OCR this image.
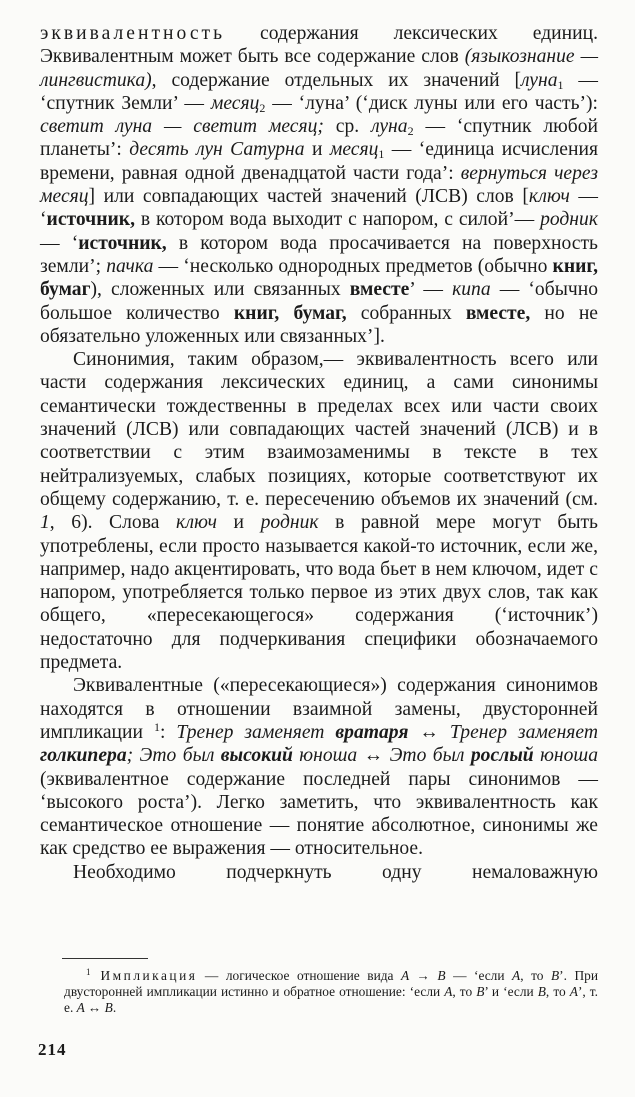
эквивалентность содержания лексических единиц. Эквивалентным может быть все содержание слов (языкознание — лингвистика), содержание отдельных их значений [луна$_1$ — ‘спутник Земли’ — месяц$_2$ — ‘луна’ (‘диск луны или его часть’): светит луна — светит месяц; ср. луна$_2$ — ‘спутник любой планеты’: десять лун Сатурна и месяц$_1$ — ‘единица исчисления времени, равная одной двенадцатой части года’: вернуться через месяц] или совпадающих частей значений (ЛСВ) слов [ключ — ‘источник, в котором вода выходит с напором, с силой’— родник — ‘источник, в котором вода просачивается на поверхность земли’; пачка — ‘несколько однородных предметов (обычно книг, бумаг), сложенных или связанных вместе’ — кипа — ‘обычно большое количество книг, бумаг, собранных вместе, но не обязательно уложенных или связанных’].

Синонимия, таким образом,— эквивалентность всего или части содержания лексических единиц, а сами синонимы семантически тождественны в пределах всех или части своих значений (ЛСВ) или совпадающих частей значений (ЛСВ) и в соответствии с этим взаимозаменимы в тексте в тех нейтрализуемых, слабых позициях, которые соответствуют их общему содержанию, т. е. пересечению объемов их значений (см. 1, 6). Слова ключ и родник в равной мере могут быть употреблены, если просто называется какой-то источник, если же, например, надо акцентировать, что вода бьет в нем ключом, идет с напором, употребляется только первое из этих двух слов, так как общего, «пересекающегося» содержания (‘источник’) недостаточно для подчеркивания специфики обозначаемого предмета.

Эквивалентные («пересекающиеся») содержания синонимов находятся в отношении взаимной замены, двусторонней импликации $^1$: Тренер заменяет вратаря ↔ Тренер заменяет голкипера; Это был высокий юноша ↔ Это был рослый юноша (эквивалентное содержание последней пары синонимов — ‘высокого роста’). Легко заметить, что эквивалентность как семантическое отношение — понятие абсолютное, синонимы же как средство ее выражения — относительное.

Необходимо подчеркнуть одну немаловажную

$^1$ Импликация — логическое отношение вида A → B — ‘если A, то B’. При двусторонней импликации истинно и обратное отношение: ‘если A, то B’ и ‘если B, то A’, т. е. A ↔ B.
214
